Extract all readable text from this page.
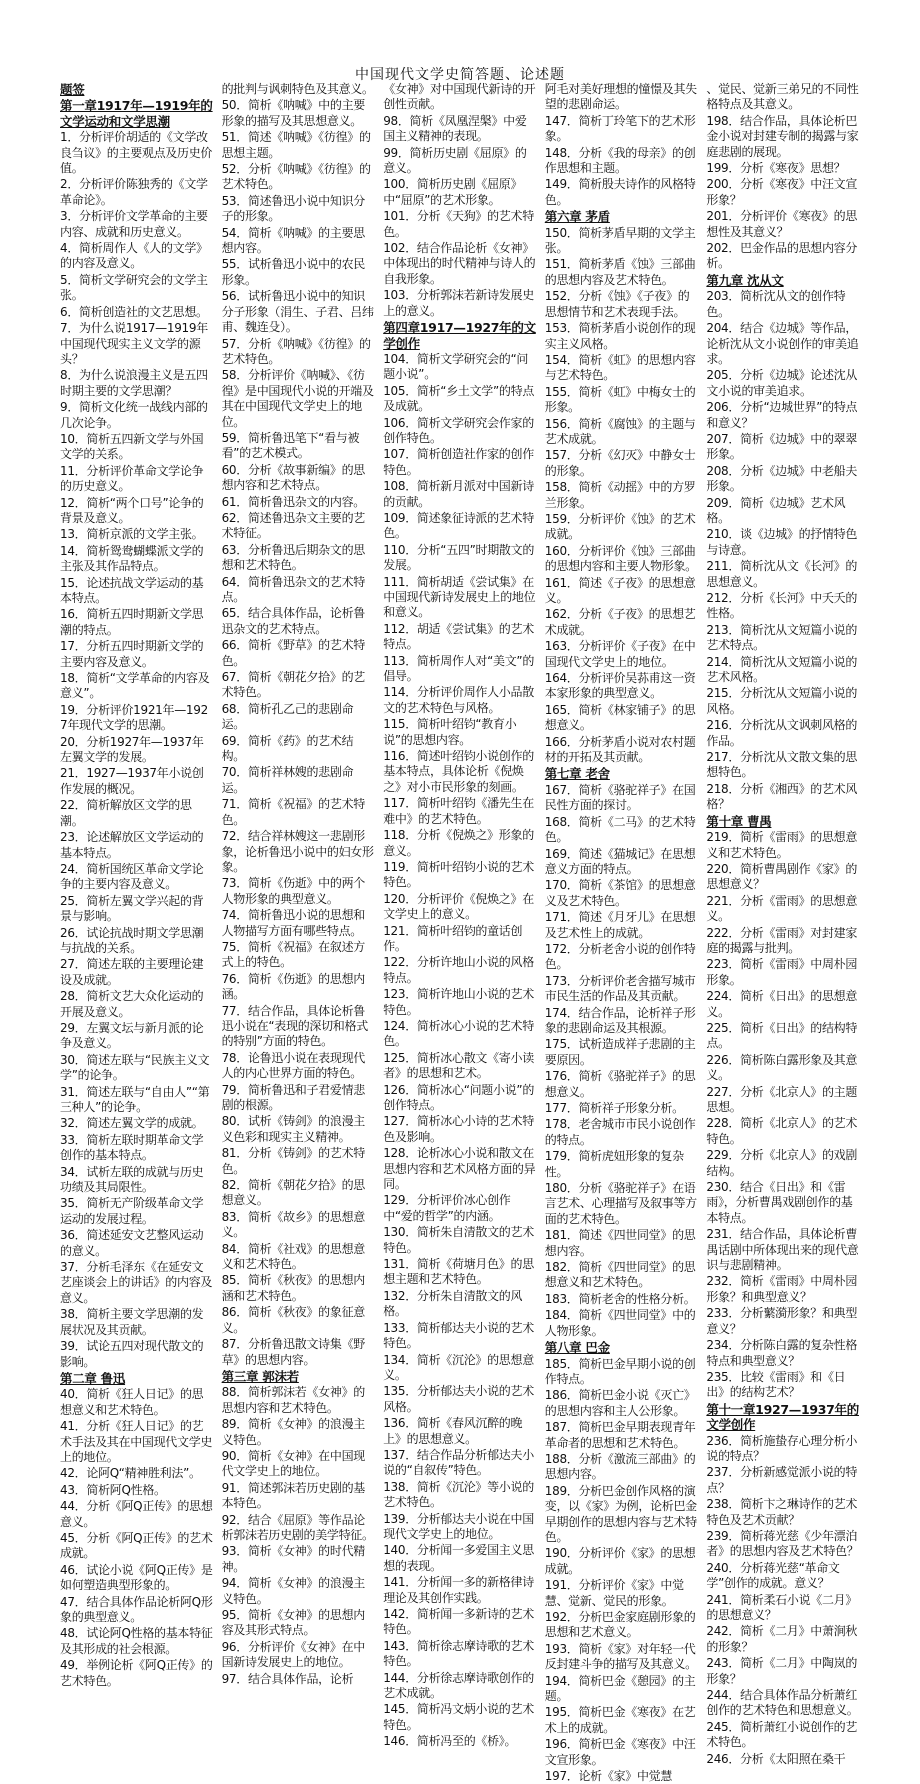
中国现代文学史简答题、论述题

题签

第一章1917年—1919年的文学运动和文学思潮

1．分析评价胡适的《文学改良刍议》的主要观点及历史价值。

2．分析评价陈独秀的《文学革命论》。

3．分析评价文学革命的主要内容、成就和历史意义。

4．简析周作人《人的文学》的内容及意义。

5．简析文学研究会的文学主张。

6．简析创造社的文艺思想。

7．为什么说1917—1919年中国现代现实主义文学的源头？

8．为什么说浪漫主义是五四时期主要的文学思潮？

9．简析文化统一战线内部的几次论争。

10．简析五四新文学与外国文学的关系。

11．分析评价革命文学论争的历史意义。

12．简析“两个口号”论争的背景及意义。

13．简析京派的文学主张。

14．简析鸳鸯蝴蝶派文学的主张及其作品特点。

15．论述抗战文学运动的基本特点。

16．简析五四时期新文学思潮的特点。

17．分析五四时期新文学的主要内容及意义。

18．简析“文学革命的内容及意义”。

19．分析评价1921年—1927年现代文学的思潮。

20．分析1927年—1937年左翼文学的发展。

21．1927—1937年小说创作发展的概况。

22．简析解放区文学的思潮。

23．论述解放区文学运动的基本特点。

24．简析国统区革命文学论争的主要内容及意义。

25．简析左翼文学兴起的背景与影响。

26．试论抗战时期文学思潮与抗战的关系。

27．简述左联的主要理论建设及成就。

28．简析文艺大众化运动的开展及意义。

29．左翼文坛与新月派的论争及意义。

30．简述左联与“民族主义文学”的论争。

31．简述左联与“自由人”“第三种人”的论争。

32．简述左翼文学的成就。

33．简析左联时期革命文学创作的基本特点。

34．试析左联的成就与历史功绩及其局限性。

35．简析无产阶级革命文学运动的发展过程。

36．简述延安文艺整风运动的意义。

37．分析毛泽东《在延安文艺座谈会上的讲话》的内容及意义。

38．简析主要文学思潮的发展状况及其贡献。

39．试论五四对现代散文的影响。

第二章 鲁迅

40．简析《狂人日记》的思想意义和艺术特色。

41．分析《狂人日记》的艺术手法及其在中国现代文学史上的地位。

42．论阿Q“精神胜利法”。

43．简析阿Q性格。

44．分析《阿Q正传》的思想意义。

45．分析《阿Q正传》的艺术成就。

46．试论小说《阿Q正传》是如何塑造典型形象的。

47．结合具体作品论析阿Q形象的典型意义。

48．试论阿Q性格的基本特征及其形成的社会根源。

49．举例论析《阿Q正传》的艺术特色。

的批判与讽刺特色及其意义。

50．简析《呐喊》中的主要形象的描写及其思想意义。

51．简述《呐喊》《彷徨》的思想主题。

52．分析《呐喊》《彷徨》的艺术特色。

53．简述鲁迅小说中知识分子的形象。

54．简析《呐喊》的主要思想内容。

55．试析鲁迅小说中的农民形象。

56．试析鲁迅小说中的知识分子形象（涓生、子君、吕纬甫、魏连殳）。

57．分析《呐喊》《彷徨》的艺术特色。

58．分析评价《呐喊》、《彷徨》是中国现代小说的开端及其在中国现代文学史上的地位。

59．简析鲁迅笔下“看与被看”的艺术模式。

60．分析《故事新编》的思想内容和艺术特点。

61．简析鲁迅杂文的内容。

62．简述鲁迅杂文主要的艺术特征。

63．分析鲁迅后期杂文的思想和艺术特色。

64．简析鲁迅杂文的艺术特点。

65．结合具体作品，论析鲁迅杂文的艺术特点。

66．简析《野草》的艺术特色。

67．简析《朝花夕拾》的艺术特色。

68．简析孔乙己的悲剧命运。

69．简析《药》的艺术结构。

70．简析祥林嫂的悲剧命运。

71．简析《祝福》的艺术特色。

72．结合祥林嫂这一悲剧形象，论析鲁迅小说中的妇女形象。

73．简析《伤逝》中的两个人物形象的典型意义。

74．简析鲁迅小说的思想和人物描写方面有哪些特点。

75．简析《祝福》在叙述方式上的特色。

76．简析《伤逝》的思想内涵。

77．结合作品，具体论析鲁迅小说在“表现的深切和格式的特别”方面的特色。

78．论鲁迅小说在表现现代人的内心世界方面的特色。

79．简析鲁迅和子君爱情悲剧的根源。

80．试析《铸剑》的浪漫主义色彩和现实主义精神。

81．分析《铸剑》的艺术特色。

82．简析《朝花夕拾》的思想意义。

83．简析《故乡》的思想意义。

84．简析《社戏》的思想意义和艺术特色。

85．简析《秋夜》的思想内涵和艺术特色。

86．简析《秋夜》的象征意义。

87．分析鲁迅散文诗集《野草》的思想内容。

第三章 郭沫若

88．简析郭沫若《女神》的思想内容和艺术特色。

89．简析《女神》的浪漫主义特色。

90．简析《女神》在中国现代文学史上的地位。

91．简述郭沫若历史剧的基本特色。

92．结合《屈原》等作品论析郭沫若历史剧的美学特征。

93．简析《女神》的时代精神。

94．简析《女神》的浪漫主义特色。

95．简析《女神》的思想内容及其形式特点。

96．分析评价《女神》在中国新诗发展史上的地位。

97．结合具体作品，论析

《女神》对中国现代新诗的开创性贡献。

98．简析《凤凰涅槃》中爱国主义精神的表现。

99．简析历史剧《屈原》的意义。

100．简析历史剧《屈原》中“屈原”的艺术形象。

101．分析《天狗》的艺术特色。

102．结合作品论析《女神》中体现出的时代精神与诗人的自我形象。

103．分析郭沫若新诗发展史上的意义。

第四章1917—1927年的文学创作

104．简析文学研究会的“问题小说”。

105．简析“乡土文学”的特点及成就。

106．简析文学研究会作家的创作特色。

107．简析创造社作家的创作特色。

108．简析新月派对中国新诗的贡献。

109．简述象征诗派的艺术特色。

110．分析“五四”时期散文的发展。

111．简析胡适《尝试集》在中国现代新诗发展史上的地位和意义。

112．胡适《尝试集》的艺术特点。

113．简析周作人对“美文”的倡导。

114．分析评价周作人小品散文的艺术特色与风格。

115．简析叶绍钧“教育小说”的思想内容。

116．简述叶绍钧小说创作的基本特点，具体论析《倪焕之》对小市民形象的刻画。

117．简析叶绍钧《潘先生在难中》的艺术特色。

118．分析《倪焕之》形象的意义。

119．简析叶绍钧小说的艺术特色。

120．分析评价《倪焕之》在文学史上的意义。

121．简析叶绍钧的童话创作。

122．分析许地山小说的风格特点。

123．简析许地山小说的艺术特色。

124．简析冰心小说的艺术特色。

125．简析冰心散文《寄小读者》的思想和艺术。

126．简析冰心“问题小说”的创作特点。

127．简析冰心小诗的艺术特色及影响。

128．论析冰心小说和散文在思想内容和艺术风格方面的异同。

129．分析评价冰心创作中“爱的哲学”的内涵。

130．简析朱自清散文的艺术特色。

131．简析《荷塘月色》的思想主题和艺术特色。

132．分析朱自清散文的风格。

133．简析郁达夫小说的艺术特色。

134．简析《沉沦》的思想意义。

135．分析郁达夫小说的艺术风格。

136．简析《春风沉醉的晚上》的思想意义。

137．结合作品分析郁达夫小说的“自叙传”特色。

138．简析《沉沦》等小说的艺术特色。

139．分析郁达夫小说在中国现代文学史上的地位。

140．分析闻一多爱国主义思想的表现。

141．分析闻一多的新格律诗理论及其创作实践。

142．简析闻一多新诗的艺术特色。

143．简析徐志摩诗歌的艺术特色。

144．分析徐志摩诗歌创作的艺术成就。

145．简析冯文炳小说的艺术特色。

146．简析冯至的《桥》。

阿毛对美好理想的憧憬及其失望的悲剧命运。

147．简析丁玲笔下的艺术形象。

148．分析《我的母亲》的创作思想和主题。

149．简析殷夫诗作的风格特色。

第六章 茅盾

150．简析茅盾早期的文学主张。

151．简析茅盾《蚀》三部曲的思想内容及艺术特色。

152．分析《蚀》《子夜》的思想情节和艺术表现手法。

153．简析茅盾小说创作的现实主义风格。

154．简析《虹》的思想内容与艺术特色。

155．简析《虹》中梅女士的形象。

156．简析《腐蚀》的主题与艺术成就。

157．分析《幻灭》中静女士的形象。

158．简析《动摇》中的方罗兰形象。

159．分析评价《蚀》的艺术成就。

160．分析评价《蚀》三部曲的思想内容和主要人物形象。

161．简述《子夜》的思想意义。

162．分析《子夜》的思想艺术成就。

163．分析评价《子夜》在中国现代文学史上的地位。

164．分析评价吴荪甫这一资本家形象的典型意义。

165．简析《林家铺子》的思想意义。

166．分析茅盾小说对农村题材的开拓及其贡献。

第七章 老舍

167．简析《骆驼祥子》在国民性方面的探讨。

168．简析《二马》的艺术特色。

169．简述《猫城记》在思想意义方面的特点。

170．简析《茶馆》的思想意义及艺术特色。

171．简述《月牙儿》在思想及艺术性上的成就。

172．分析老舍小说的创作特色。

173．分析评价老舍描写城市市民生活的作品及其贡献。

174．结合作品，论析祥子形象的悲剧命运及其根源。

175．试析造成祥子悲剧的主要原因。

176．简析《骆驼祥子》的思想意义。

177．简析祥子形象分析。

178．老舍城市市民小说创作的特点。

179．简析虎妞形象的复杂性。

180．分析《骆驼祥子》在语言艺术、心理描写及叙事等方面的艺术特色。

181．简述《四世同堂》的思想内容。

182．简析《四世同堂》的思想意义和艺术特色。

183．简析老舍的性格分析。

184．简析《四世同堂》中的人物形象。

第八章 巴金

185．简析巴金早期小说的创作特点。

186．简析巴金小说《灭亡》的思想内容和主人公形象。

187．简析巴金早期表现青年革命者的思想和艺术特色。

188．分析《激流三部曲》的思想内容。

189．分析巴金创作风格的演变，以《家》为例，论析巴金早期创作的思想内容与艺术特色。

190．分析评价《家》的思想成就。

191．分析评价《家》中觉慧、觉新、觉民的形象。

192．分析巴金家庭剧形象的思想和艺术意义。

193．简析《家》对年轻一代反封建斗争的描写及其意义。

194．简析巴金《憩园》的主题。

195．简析巴金《寒夜》在艺术上的成就。

196．简析巴金《寒夜》中汪文宣形象。

197．论析《家》中觉慧

、觉民、觉新三弟兄的不同性格特点及其意义。

198．结合作品，具体论析巴金小说对封建专制的揭露与家庭悲剧的展现。

199．分析《寒夜》思想？

200．分析《寒夜》中汪文宣形象？

201．分析评价《寒夜》的思想性及其意义？

202．巴金作品的思想内容分析。

第九章 沈从文

203．简析沈从文的创作特色。

204．结合《边城》等作品，论析沈从文小说创作的审美追求。

205．分析《边城》论述沈从文小说的审美追求。

206．分析“边城世界”的特点和意义？

207．简析《边城》中的翠翠形象。

208．分析《边城》中老船夫形象。

209．简析《边城》艺术风格。

210．谈《边城》的抒情特色与诗意。

211．简析沈从文《长河》的思想意义。

212．分析《长河》中夭夭的性格。

213．简析沈从文短篇小说的艺术特点。

214．简析沈从文短篇小说的艺术风格。

215．分析沈从文短篇小说的风格。

216．分析沈从文讽刺风格的作品。

217．分析沈从文散文集的思想特色。

218．分析《湘西》的艺术风格？

第十章 曹禺

219．简析《雷雨》的思想意义和艺术特色。

220．简析曹禺剧作《家》的思想意义？

221．分析《雷雨》的思想意义。

222．分析《雷雨》对封建家庭的揭露与批判。

223．简析《雷雨》中周朴园形象。

224．简析《日出》的思想意义。

225．简析《日出》的结构特点。

226．简析陈白露形象及其意义。

227．分析《北京人》的主题思想。

228．简析《北京人》的艺术特色。

229．分析《北京人》的戏剧结构。

230．结合《日出》和《雷雨》，分析曹禺戏剧创作的基本特点。

231．结合作品，具体论析曹禺话剧中所体现出来的现代意识与悲剧精神。

232．简析《雷雨》中周朴园形象？和典型意义？

233．分析蘩漪形象？和典型意义？

234．分析陈白露的复杂性格特点和典型意义？

235．比较《雷雨》和《日出》的结构艺术？

第十一章1927—1937年的文学创作

236．简析施蛰存心理分析小说的特点？

237．分析新感觉派小说的特点？

238．简析卞之琳诗作的艺术特色及艺术贡献？

239．简析蒋光慈《少年漂泊者》的思想内容及艺术特色？

240．分析蒋光慈“革命文学”创作的成就。意义？

241．简析柔石小说《二月》的思想意义？

242．简析《二月》中萧涧秋的形象？

243．简析《二月》中陶岚的形象？

244．结合具体作品分析萧红创作的艺术特色和思想意义。

245．简析萧红小说创作的艺术特色。

246．分析《太阳照在桑干
